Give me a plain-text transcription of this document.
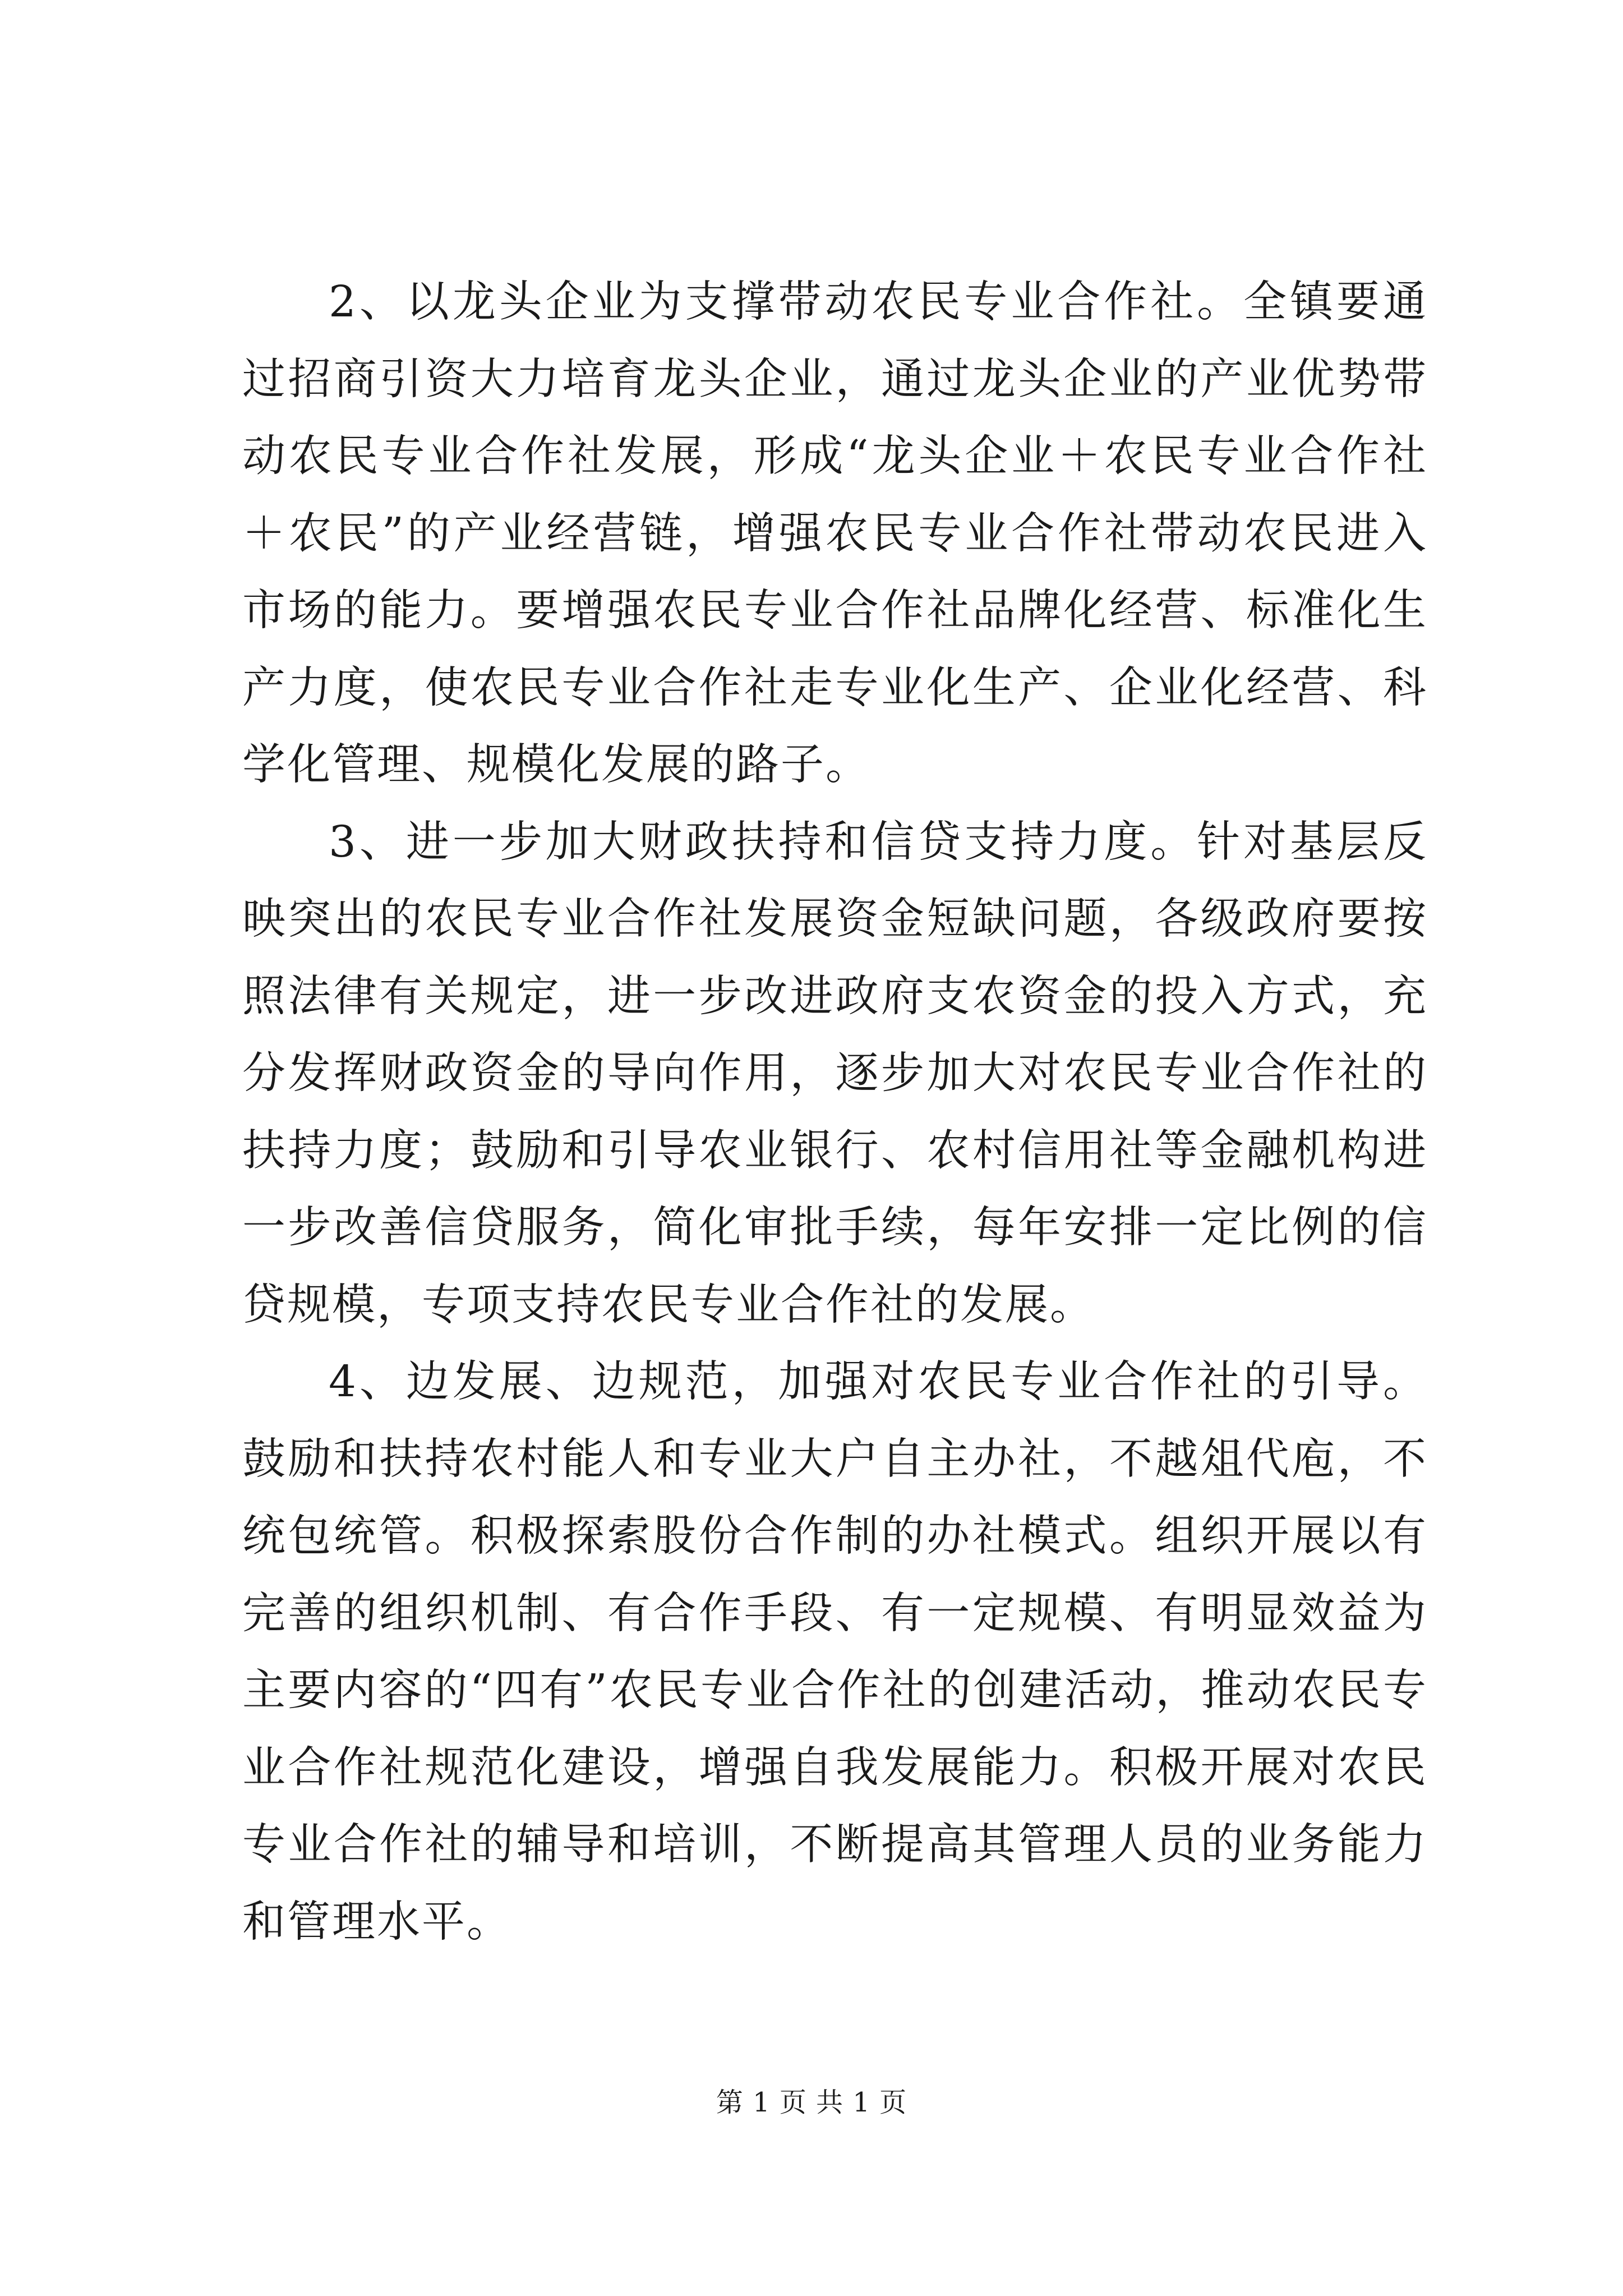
2、以龙头企业为支撑带动农民专业合作社。全镇要通过招商引资大力培育龙头企业，通过龙头企业的产业优势带动农民专业合作社发展，形成“龙头企业＋农民专业合作社＋农民”的产业经营链，增强农民专业合作社带动农民进入市场的能力。要增强农民专业合作社品牌化经营、标准化生产力度，使农民专业合作社走专业化生产、企业化经营、科学化管理、规模化发展的路子。

3、进一步加大财政扶持和信贷支持力度。针对基层反映突出的农民专业合作社发展资金短缺问题，各级政府要按照法律有关规定，进一步改进政府支农资金的投入方式，充分发挥财政资金的导向作用，逐步加大对农民专业合作社的扶持力度；鼓励和引导农业银行、农村信用社等金融机构进一步改善信贷服务，简化审批手续，每年安排一定比例的信贷规模，专项支持农民专业合作社的发展。

4、边发展、边规范，加强对农民专业合作社的引导。鼓励和扶持农村能人和专业大户自主办社，不越俎代庖，不统包统管。积极探索股份合作制的办社模式。组织开展以有完善的组织机制、有合作手段、有一定规模、有明显效益为主要内容的“四有”农民专业合作社的创建活动，推动农民专业合作社规范化建设，增强自我发展能力。积极开展对农民专业合作社的辅导和培训，不断提高其管理人员的业务能力和管理水平。

第 1 页 共 1 页
